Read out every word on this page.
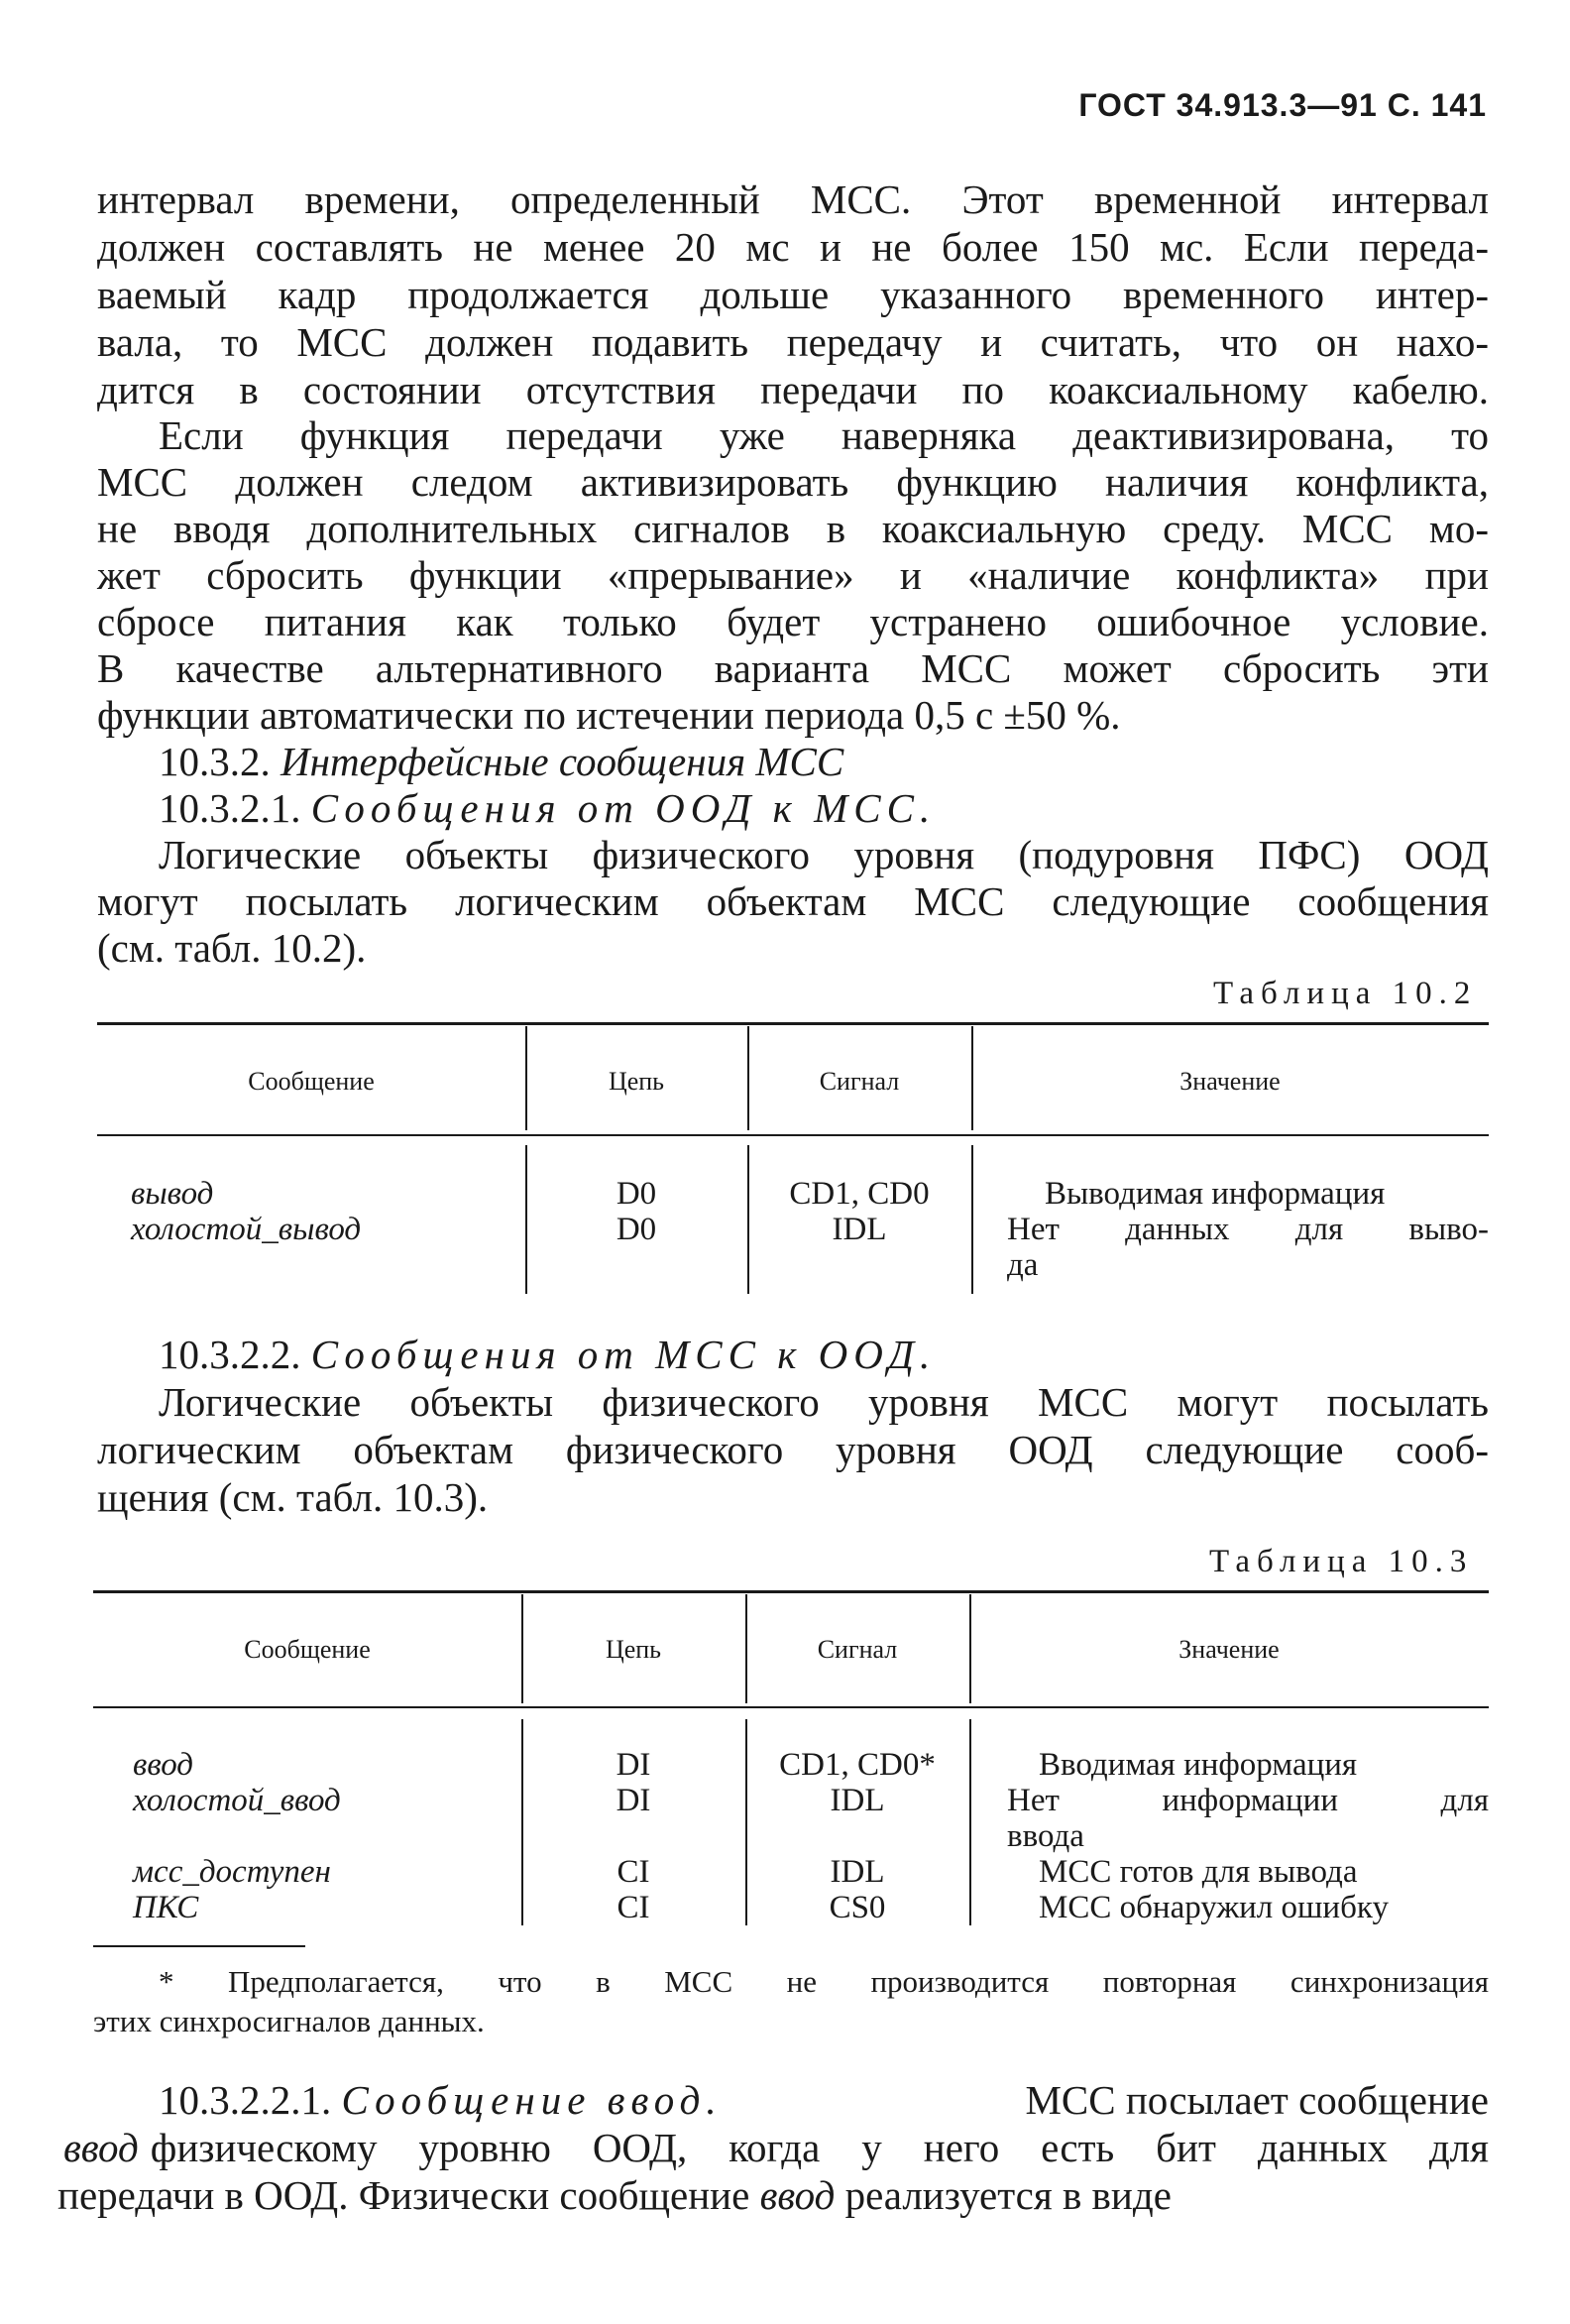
ГОСТ 34.913.3—91 С. 141
интервал времени, определенный МСС. Этот временной интервал
должен составлять не менее 20 мс и не более 150 мс. Если переда-
ваемый кадр продолжается дольше указанного временного интер-
вала, то МСС должен подавить передачу и считать, что он нахо-
дится в состоянии отсутствия передачи по коаксиальному кабелю.
Если функция передачи уже наверняка деактивизирована, то
МСС должен следом активизировать функцию наличия конфликта,
не вводя дополнительных сигналов в коаксиальную среду. МСС мо-
жет сбросить функции «прерывание» и «наличие конфликта» при
сбросе питания как только будет устранено ошибочное условие.
В качестве альтернативного варианта МСС может сбросить эти
функции автоматически по истечении периода 0,5 с ±50 %.
10.3.2. Интерфейсные сообщения МСС
10.3.2.1. Сообщения от ООД к МСС.
Логические объекты физического уровня (подуровня ПФС) ООД
могут посылать логическим объектам МСС следующие сообщения
(см. табл. 10.2).
Таблица 10.2
Сообщение	Цепь	Сигнал	Значение
вывод	D0	CD1, CD0	Выводимая информация
холостой_вывод	D0	IDL	Нет данных для выво-
да
10.3.2.2. Сообщения от МСС к ООД.
Логические объекты физического уровня МСС могут посылать
логическим объектам физического уровня ООД следующие сооб-
щения (см. табл. 10.3).
Таблица 10.3
Сообщение	Цепь	Сигнал	Значение
ввод	DI	CD1, CD0*	Вводимая информация
холостой_ввод	DI	IDL	Нет информации для
ввода
мсс_доступен	CI	IDL	МСС готов для вывода
ПКС	CI	CS0	МСС обнаружил ошибку
* Предполагается, что в МСС не производится повторная синхронизация
этих синхросигналов данных.
10.3.2.2.1. Сообщение ввод.	МСС посылает сообщение
ввод физическому уровню ООД, когда у него есть бит данных для
передачи в ООД. Физически сообщение ввод реализуется в виде
